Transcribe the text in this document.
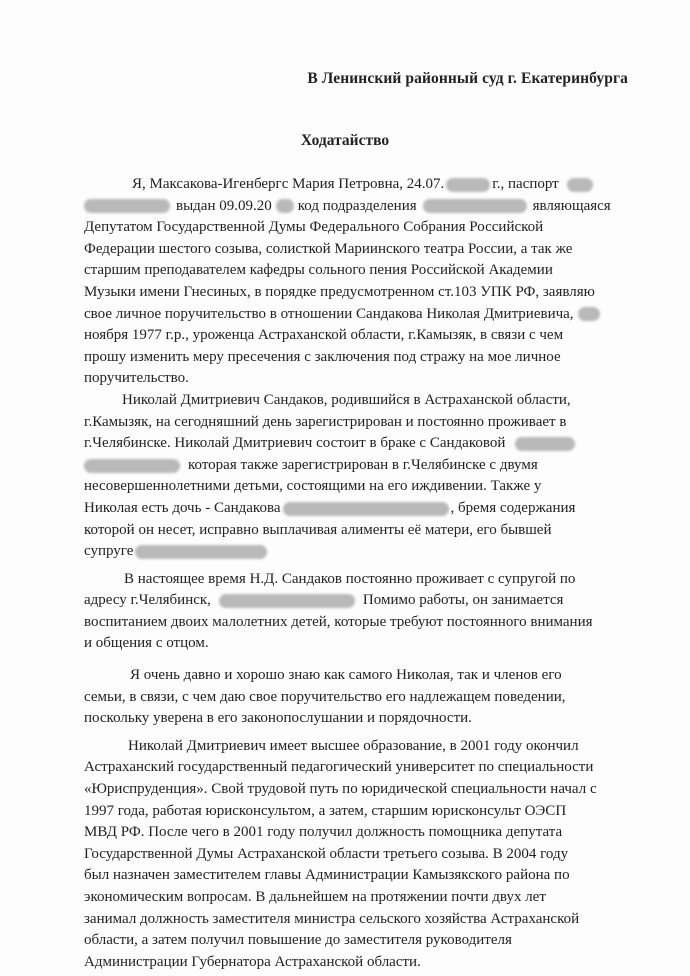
В Ленинский районный суд г. Екатеринбурга
Ходатайство
Я, Максакова-Игенбергс Мария Петровна, 24.07.	г., паспорт
выдан 09.09.20 код подразделения	являющаяся
Депутатом Государственной Думы Федерального Собрания Российской
Федерации шестого созыва, солисткой Мариинского театра России, а так же
старшим преподавателем кафедры сольного пения Российской Академии
Музыки имени Гнесиных, в порядке предусмотренном ст.103 УПК РФ, заявляю
свое личное поручительство в отношении Сандакова Николая Дмитриевича,
ноября 1977 г.р., уроженца Астраханской области, г.Камызяк, в связи с чем
прошу изменить меру пресечения с заключения под стражу на мое личное
поручительство.
Николай Дмитриевич Сандаков, родившийся в Астраханской области,
г.Камызяк, на сегодняшний день зарегистрирован и постоянно проживает в
г.Челябинске. Николай Дмитриевич состоит в браке с Сандаковой
которая также зарегистрирован в г.Челябинске с двумя
несовершеннолетними детьми, состоящими на его иждивении. Также у
Николая есть дочь - Сандакова	, бремя содержания
которой он несет, исправно выплачивая алименты её матери, его бывшей
супруге
В настоящее время Н.Д. Сандаков постоянно проживает с супругой по
адресу г.Челябинск,	Помимо работы, он занимается
воспитанием двоих малолетних детей, которые требуют постоянного внимания
и общения с отцом.
Я очень давно и хорошо знаю как самого Николая, так и членов его
семьи, в связи, с чем даю свое поручительство его надлежащем поведении,
поскольку уверена в его законопослушании и порядочности.
Николай Дмитриевич имеет высшее образование, в 2001 году окончил
Астраханский государственный педагогический университет по специальности
«Юриспруденция». Свой трудовой путь по юридической специальности начал с
1997 года, работая юрисконсультом, а затем, старшим юрисконсульт ОЭСП
МВД РФ. После чего в 2001 году получил должность помощника депутата
Государственной Думы Астраханской области третьего созыва. В 2004 году
был назначен заместителем главы Администрации Камызякского района по
экономическим вопросам. В дальнейшем на протяжении почти двух лет
занимал должность заместителя министра сельского хозяйства Астраханской
области, а затем получил повышение до заместителя руководителя
Администрации Губернатора Астраханской области.
